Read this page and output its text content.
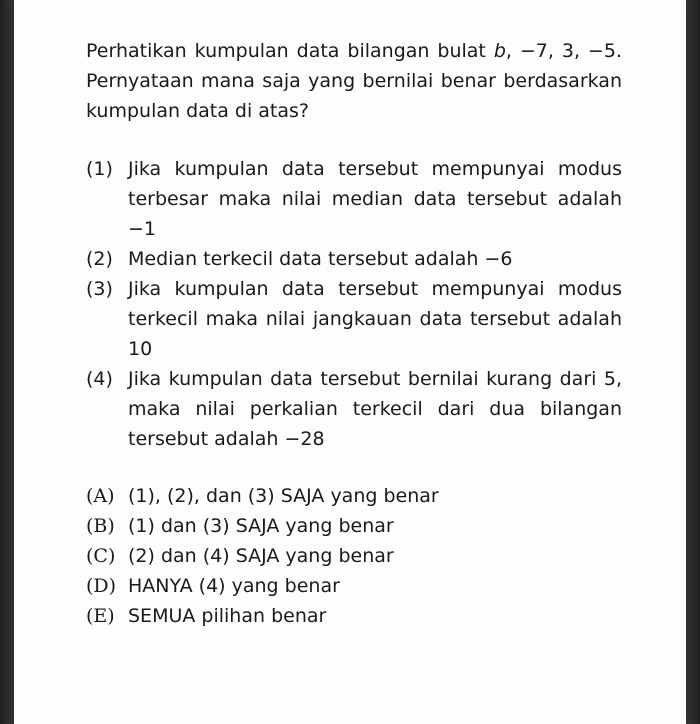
Perhatikan kumpulan data bilangan bulat b, −7, 3, −5. Pernyataan mana saja yang bernilai benar berdasarkan kumpulan data di atas?

(1) Jika kumpulan data tersebut mempunyai modus terbesar maka nilai median data tersebut adalah −1
(2) Median terkecil data tersebut adalah −6
(3) Jika kumpulan data tersebut mempunyai modus terkecil maka nilai jangkauan data tersebut adalah 10
(4) Jika kumpulan data tersebut bernilai kurang dari 5, maka nilai perkalian terkecil dari dua bilangan tersebut adalah −28
(A) (1), (2), dan (3) SAJA yang benar
(B) (1) dan (3) SAJA yang benar
(C) (2) dan (4) SAJA yang benar
(D) HANYA (4) yang benar
(E) SEMUA pilihan benar
